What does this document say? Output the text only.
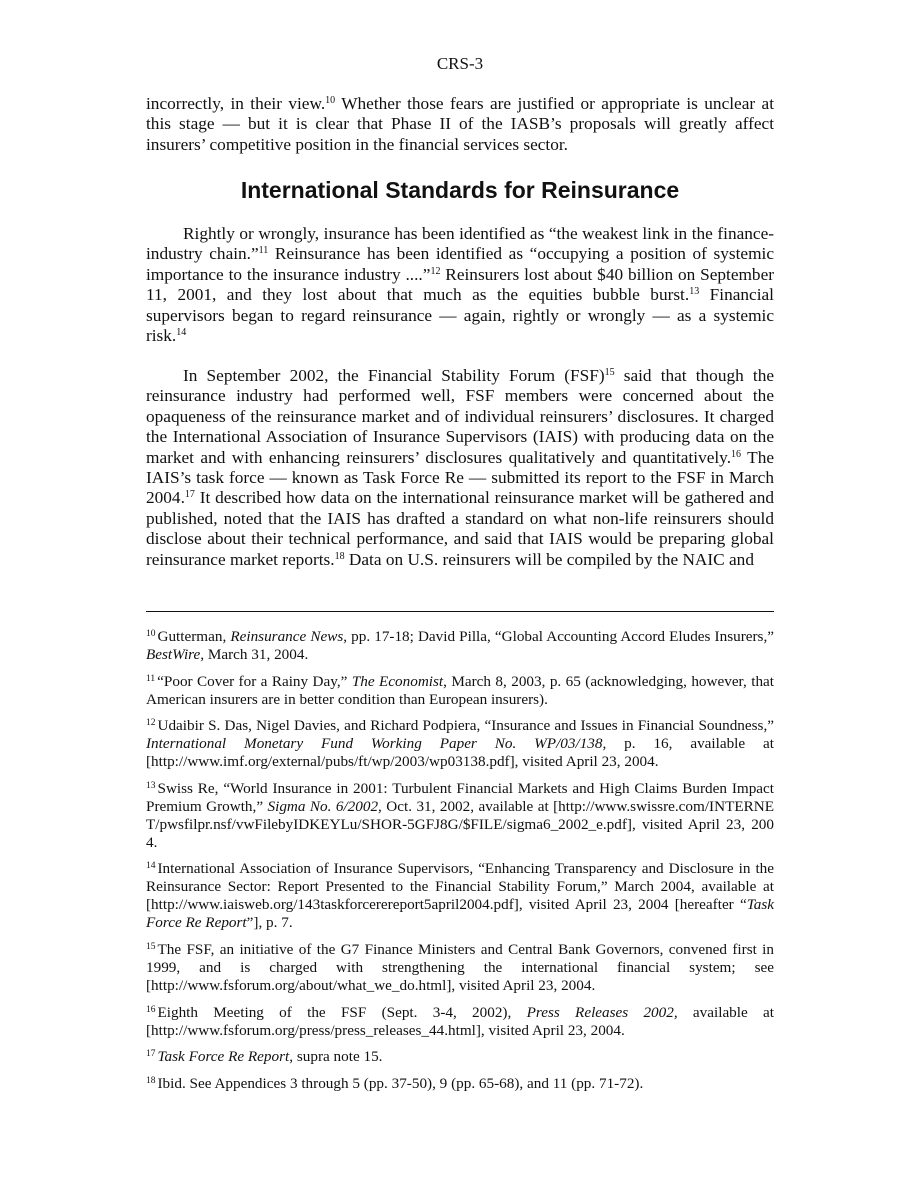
CRS-3

incorrectly, in their view.$^{10}$ Whether those fears are justified or appropriate is unclear at this stage — but it is clear that Phase II of the IASB’s proposals will greatly affect insurers’ competitive position in the financial services sector.

International Standards for Reinsurance

Rightly or wrongly, insurance has been identified as “the weakest link in the finance-industry chain.”$^{11}$ Reinsurance has been identified as “occupying a position of systemic importance to the insurance industry ....”$^{12}$ Reinsurers lost about $40 billion on September 11, 2001, and they lost about that much as the equities bubble burst.$^{13}$ Financial supervisors began to regard reinsurance — again, rightly or wrongly — as a systemic risk.$^{14}$

In September 2002, the Financial Stability Forum (FSF)$^{15}$ said that though the reinsurance industry had performed well, FSF members were concerned about the opaqueness of the reinsurance market and of individual reinsurers’ disclosures. It charged the International Association of Insurance Supervisors (IAIS) with producing data on the market and with enhancing reinsurers’ disclosures qualitatively and quantitatively.$^{16}$ The IAIS’s task force — known as Task Force Re — submitted its report to the FSF in March 2004.17 It described how data on the international reinsurance market will be gathered and published, noted that the IAIS has drafted a standard on what non-life reinsurers should disclose about their technical performance, and said that IAIS would be preparing global reinsurance market reports.$^{18}$ Data on U.S. reinsurers will be compiled by the NAIC and

$^{10}$ Gutterman, Reinsurance News, pp. 17-18; David Pilla, “Global Accounting Accord Eludes Insurers,” BestWire, March 31, 2004.

$^{11}$ “Poor Cover for a Rainy Day,” The Economist, March 8, 2003, p. 65 (acknowledging, however, that American insurers are in better condition than European insurers).

$^{12}$ Udaibir S. Das, Nigel Davies, and Richard Podpiera, “Insurance and Issues in Financial Soundness,” International Monetary Fund Working Paper No. WP/03/138, p. 16, available at [http://www.imf.org/external/pubs/ft/wp/2003/wp03138.pdf], visited April 23, 2004.

$^{13}$ Swiss Re, “World Insurance in 2001: Turbulent Financial Markets and High Claims Burden Impact Premium Growth,” Sigma No. 6/2002, Oct. 31, 2002, available at [http://www.swissre.com/INTERNET/pwsfilpr.nsf/vwFilebyIDKEYLu/SHOR-5GFJ8G/$FILE/sigma6_2002_e.pdf], visited April 23, 2004.

$^{14}$ International Association of Insurance Supervisors, “Enhancing Transparency and Disclosure in the Reinsurance Sector: Report Presented to the Financial Stability Forum,” March 2004, available at [http://www.iaisweb.org/143taskforcerereport5april2004.pdf], visited April 23, 2004 [hereafter “Task Force Re Report”], p. 7.

$^{15}$ The FSF, an initiative of the G7 Finance Ministers and Central Bank Governors, convened first in 1999, and is charged with strengthening the international financial system; see [http://www.fsforum.org/about/what_we_do.html], visited April 23, 2004.

$^{16}$ Eighth Meeting of the FSF (Sept. 3-4, 2002), Press Releases 2002, available at [http://www.fsforum.org/press/press_releases_44.html], visited April 23, 2004.

$^{17}$ Task Force Re Report, supra note 15.

$^{18}$ Ibid. See Appendices 3 through 5 (pp. 37-50), 9 (pp. 65-68), and 11 (pp. 71-72).
